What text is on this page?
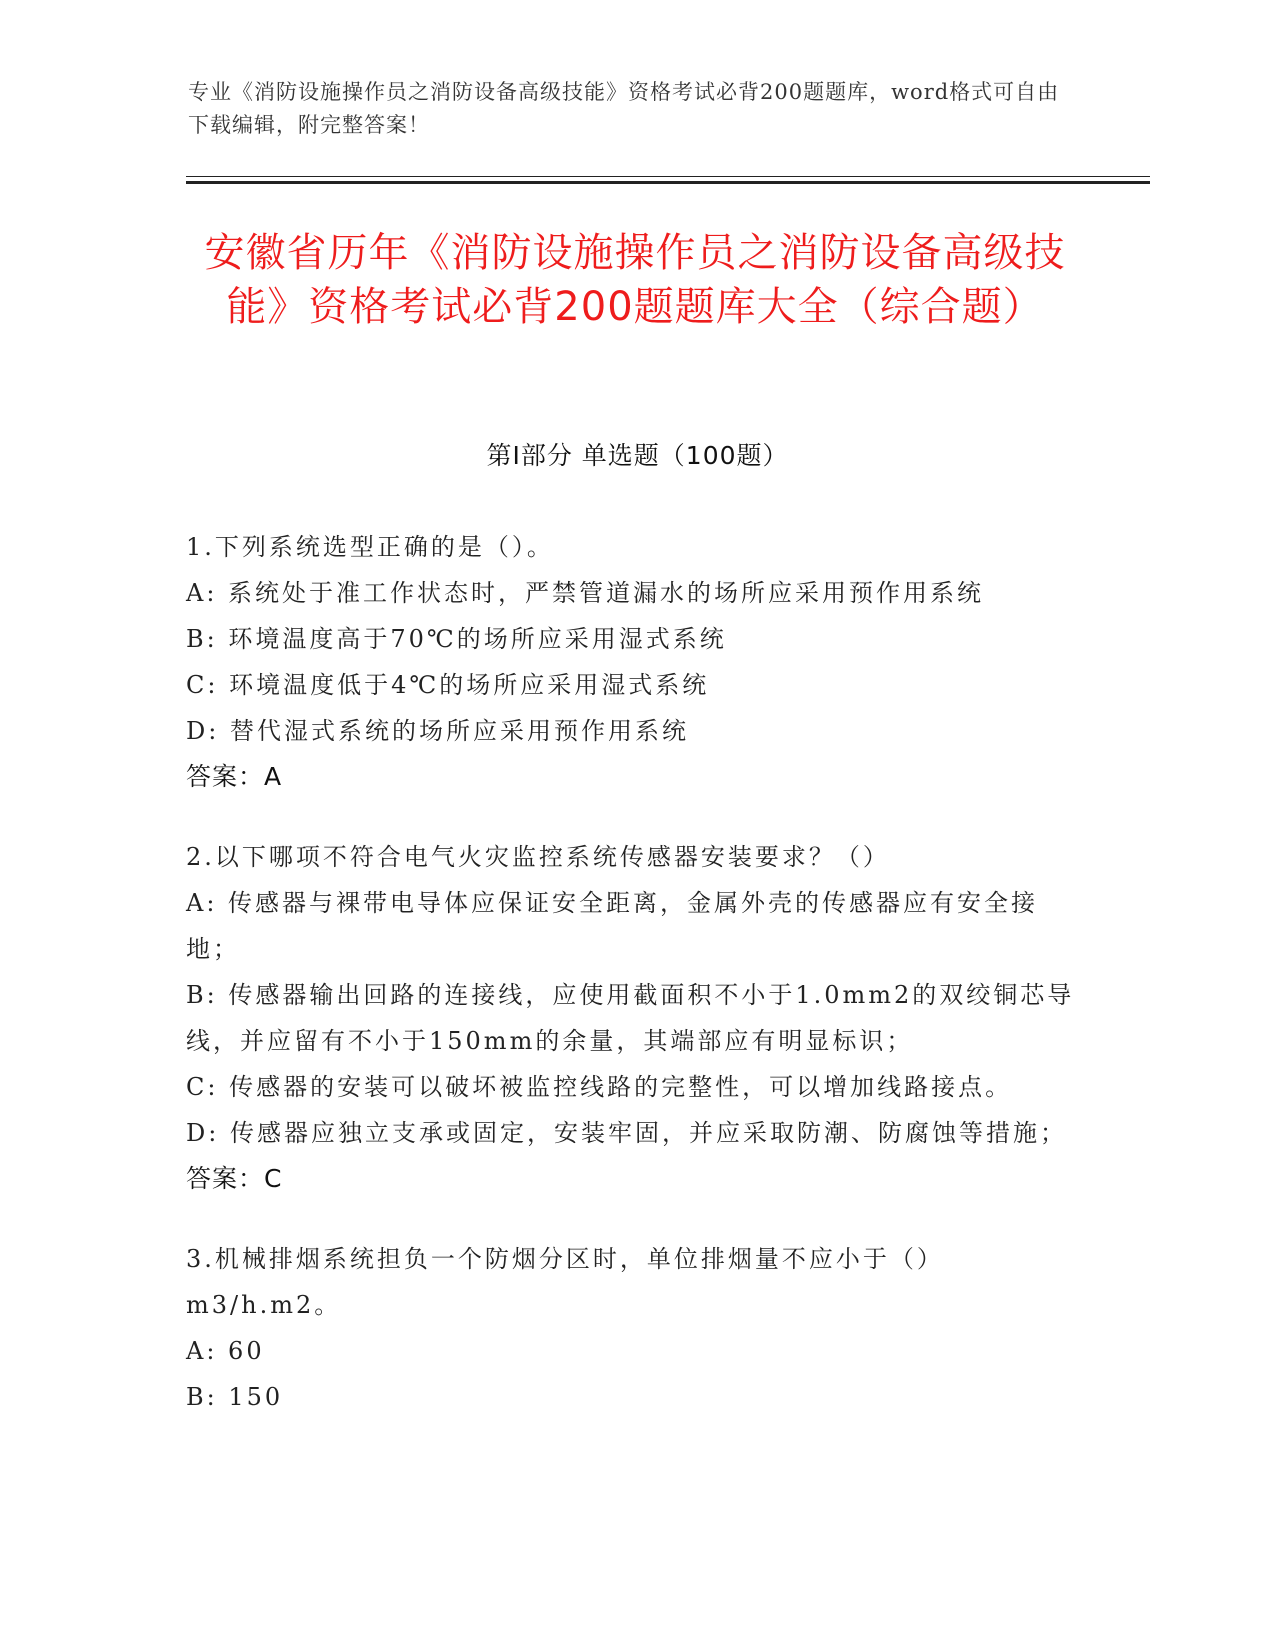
专业《消防设施操作员之消防设备高级技能》资格考试必背200题题库，word格式可自由下载编辑，附完整答案！
安徽省历年《消防设施操作员之消防设备高级技能》资格考试必背200题题库大全（综合题）
第I部分 单选题（100题）
1.下列系统选型正确的是（）。
A: 系统处于准工作状态时，严禁管道漏水的场所应采用预作用系统
B: 环境温度高于70℃的场所应采用湿式系统
C: 环境温度低于4℃的场所应采用湿式系统
D: 替代湿式系统的场所应采用预作用系统
答案：A
2.以下哪项不符合电气火灾监控系统传感器安装要求？（）
A: 传感器与裸带电导体应保证安全距离，金属外壳的传感器应有安全接地；
B: 传感器输出回路的连接线，应使用截面积不小于1.0mm2的双绞铜芯导线，并应留有不小于150mm的余量，其端部应有明显标识；
C: 传感器的安装可以破坏被监控线路的完整性，可以增加线路接点。
D: 传感器应独立支承或固定，安装牢固，并应采取防潮、防腐蚀等措施；
答案：C
3.机械排烟系统担负一个防烟分区时，单位排烟量不应小于（）m3/h.m2。
A: 60
B: 150
